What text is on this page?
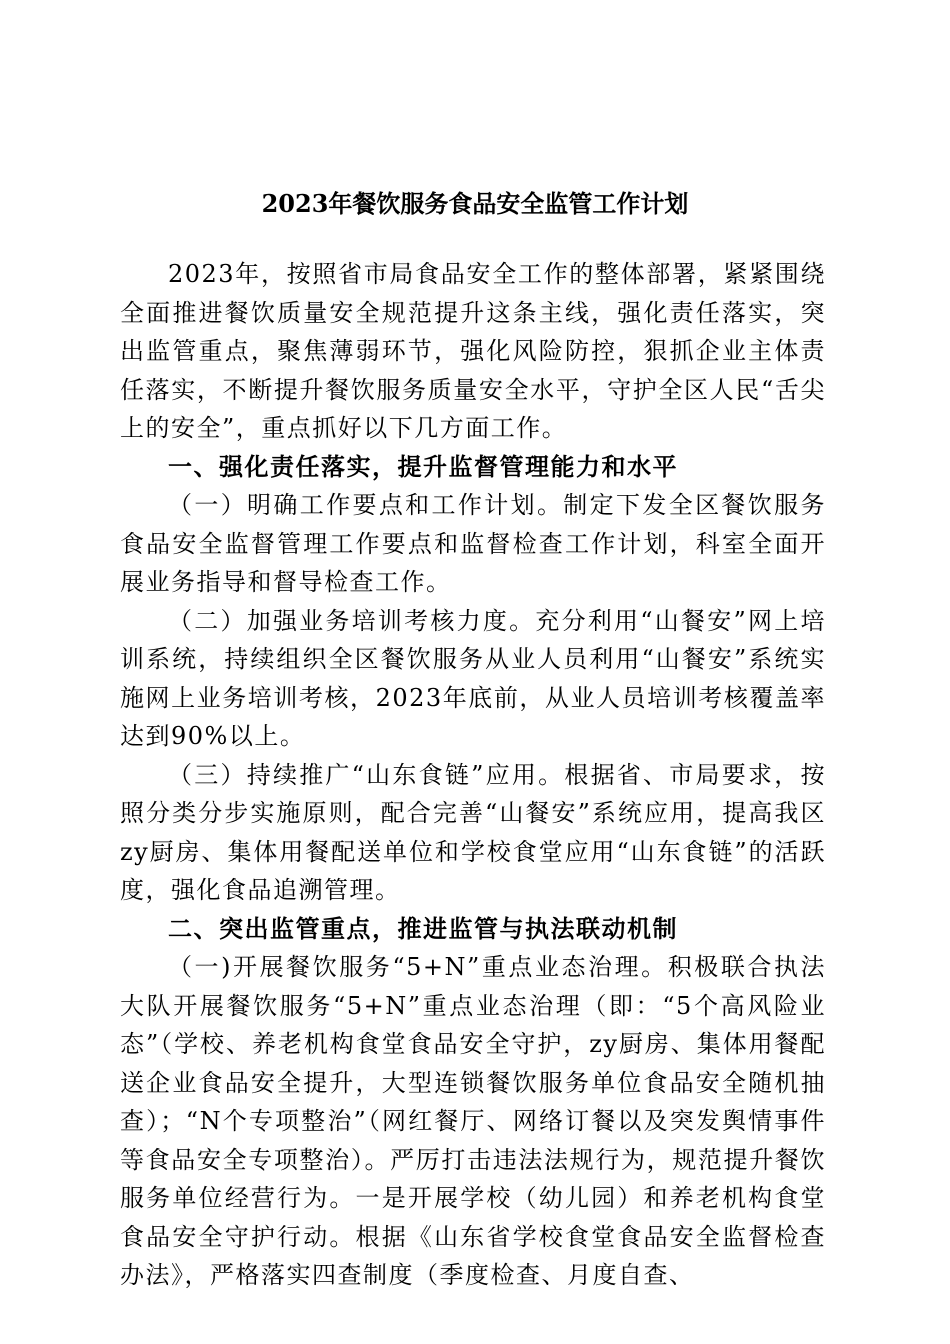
2023年餐饮服务食品安全监管工作计划

2023年，按照省市局食品安全工作的整体部署，紧紧围绕全面推进餐饮质量安全规范提升这条主线，强化责任落实，突出监管重点，聚焦薄弱环节，强化风险防控，狠抓企业主体责任落实，不断提升餐饮服务质量安全水平，守护全区人民“舌尖上的安全”，重点抓好以下几方面工作。

一、强化责任落实，提升监督管理能力和水平

（一）明确工作要点和工作计划。制定下发全区餐饮服务食品安全监督管理工作要点和监督检查工作计划，科室全面开展业务指导和督导检查工作。

（二）加强业务培训考核力度。充分利用“山餐安”网上培训系统，持续组织全区餐饮服务从业人员利用“山餐安”系统实施网上业务培训考核，2023年底前，从业人员培训考核覆盖率达到90%以上。

（三）持续推广“山东食链”应用。根据省、市局要求，按照分类分步实施原则，配合完善“山餐安”系统应用，提高我区zy厨房、集体用餐配送单位和学校食堂应用“山东食链”的活跃度，强化食品追溯管理。

二、突出监管重点，推进监管与执法联动机制

（一)开展餐饮服务“5+N”重点业态治理。积极联合执法大队开展餐饮服务“5+N”重点业态治理（即：“5个高风险业态”（学校、养老机构食堂食品安全守护，zy厨房、集体用餐配送企业食品安全提升，大型连锁餐饮服务单位食品安全随机抽查）；“N个专项整治”（网红餐厅、网络订餐以及突发舆情事件等食品安全专项整治）。严厉打击违法法规行为，规范提升餐饮服务单位经营行为。一是开展学校（幼儿园）和养老机构食堂食品安全守护行动。根据《山东省学校食堂食品安全监督检查办法》，严格落实四查制度（季度检查、月度自查、
